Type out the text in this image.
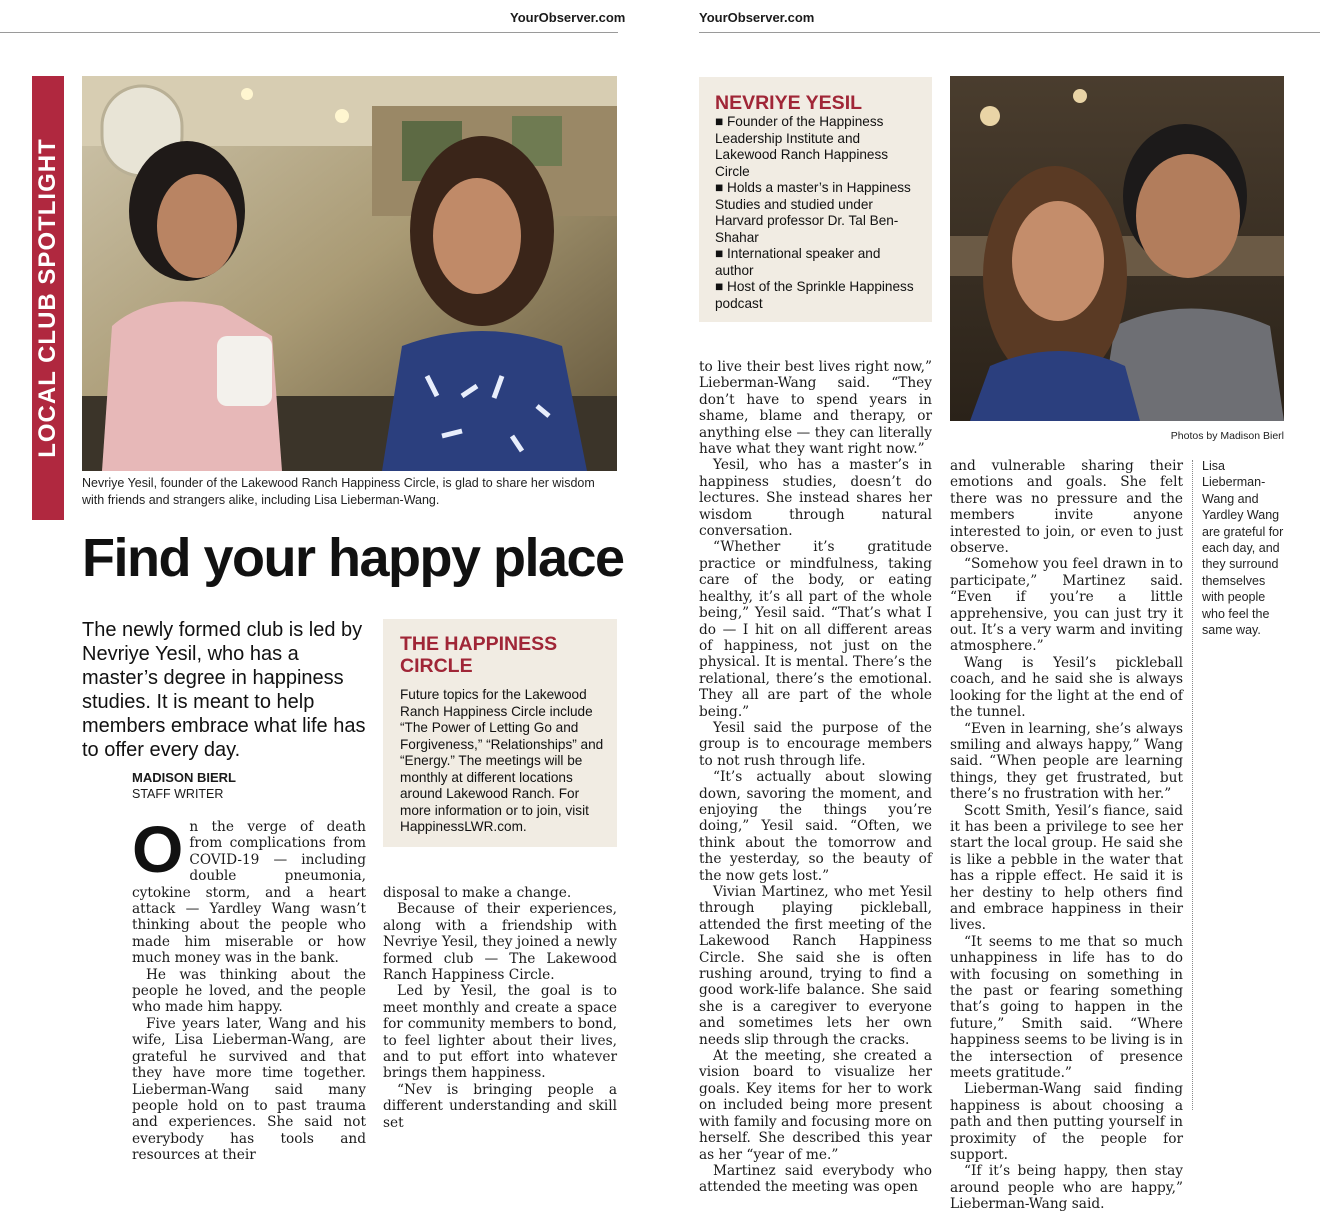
YourObserver.com	YourObserver.com
LOCAL CLUB SPOTLIGHT
Nevriye Yesil, founder of the Lakewood Ranch Happiness Circle, is glad to share her wisdom with friends and strangers alike, including Lisa Lieberman-Wang.
Find your happy place
The newly formed club is led by Nevriye Yesil, who has a master’s degree in happiness studies. It is meant to help members embrace what life has to offer every day.
THE HAPPINESS CIRCLE
Future topics for the Lakewood Ranch Happiness Circle include “The Power of Letting Go and Forgiveness,” “Relationships” and “Energy.” The meetings will be monthly at different locations around Lakewood Ranch. For more information or to join, visit HappinessLWR.com.
MADISON BIERL
STAFF WRITER

On the verge of death from complications from COVID-19 — including double pneumonia, cytokine storm, and a heart attack — Yardley Wang wasn’t thinking about the people who made him miserable or how much money was in the bank.

He was thinking about the people he loved, and the people who made him happy.

Five years later, Wang and his wife, Lisa Lieberman-Wang, are grateful he survived and that they have more time together. Lieberman-Wang said many people hold on to past trauma and experiences. She said not everybody has tools and resources at their

disposal to make a change.

Because of their experiences, along with a friendship with Nevriye Yesil, they joined a newly formed club — The Lakewood Ranch Happiness Circle.

Led by Yesil, the goal is to meet monthly and create a space for community members to bond, to feel lighter about their lives, and to put effort into whatever brings them happiness.

“Nev is bringing people a different understanding and skill set

NEVRIYE YESIL
■ Founder of the Happiness Leadership Institute and Lakewood Ranch Happiness Circle
■ Holds a master’s in Happiness Studies and studied under Harvard professor Dr. Tal Ben-Shahar
■ International speaker and author
■ Host of the Sprinkle Happiness podcast
Photos by Madison Bierl

to live their best lives right now,” Lieberman-Wang said. “They don’t have to spend years in shame, blame and therapy, or anything else — they can literally have what they want right now.”

Yesil, who has a master’s in happiness studies, doesn’t do lectures. She instead shares her wisdom through natural conversation.

“Whether it’s gratitude practice or mindfulness, taking care of the body, or eating healthy, it’s all part of the whole being,” Yesil said. “That’s what I do — I hit on all different areas of happiness, not just on the physical. It is mental. There’s the relational, there’s the emotional. They all are part of the whole being.”

Yesil said the purpose of the group is to encourage members to not rush through life.

“It’s actually about slowing down, savoring the moment, and enjoying the things you’re doing,” Yesil said. “Often, we think about the tomorrow and the yesterday, so the beauty of the now gets lost.”

Vivian Martinez, who met Yesil through playing pickleball, attended the first meeting of the Lakewood Ranch Happiness Circle. She said she is often rushing around, trying to find a good work-life balance. She said she is a caregiver to everyone and sometimes lets her own needs slip through the cracks.

At the meeting, she created a vision board to visualize her goals. Key items for her to work on included being more present with family and focusing more on herself. She described this year as her “year of me.”

Martinez said everybody who attended the meeting was open

and vulnerable sharing their emotions and goals. She felt there was no pressure and the members invite anyone interested to join, or even to just observe.

“Somehow you feel drawn in to participate,” Martinez said. “Even if you’re a little apprehensive, you can just try it out. It’s a very warm and inviting atmosphere.”

Wang is Yesil’s pickleball coach, and he said she is always looking for the light at the end of the tunnel.

“Even in learning, she’s always smiling and always happy,” Wang said. “When people are learning things, they get frustrated, but there’s no frustration with her.”

Scott Smith, Yesil’s fiance, said it has been a privilege to see her start the local group. He said she is like a pebble in the water that has a ripple effect. He said it is her destiny to help others find and embrace happiness in their lives.

“It seems to me that so much unhappiness in life has to do with focusing on something in the past or fearing something that’s going to happen in the future,” Smith said. “Where happiness seems to be living is in the intersection of presence meets gratitude.”

Lieberman-Wang said finding happiness is about choosing a path and then putting yourself in proximity of the people for support.

“If it’s being happy, then stay around people who are happy,” Lieberman-Wang said.

Lisa Lieberman-Wang and Yardley Wang are grateful for each day, and they surround themselves with people who feel the same way.
